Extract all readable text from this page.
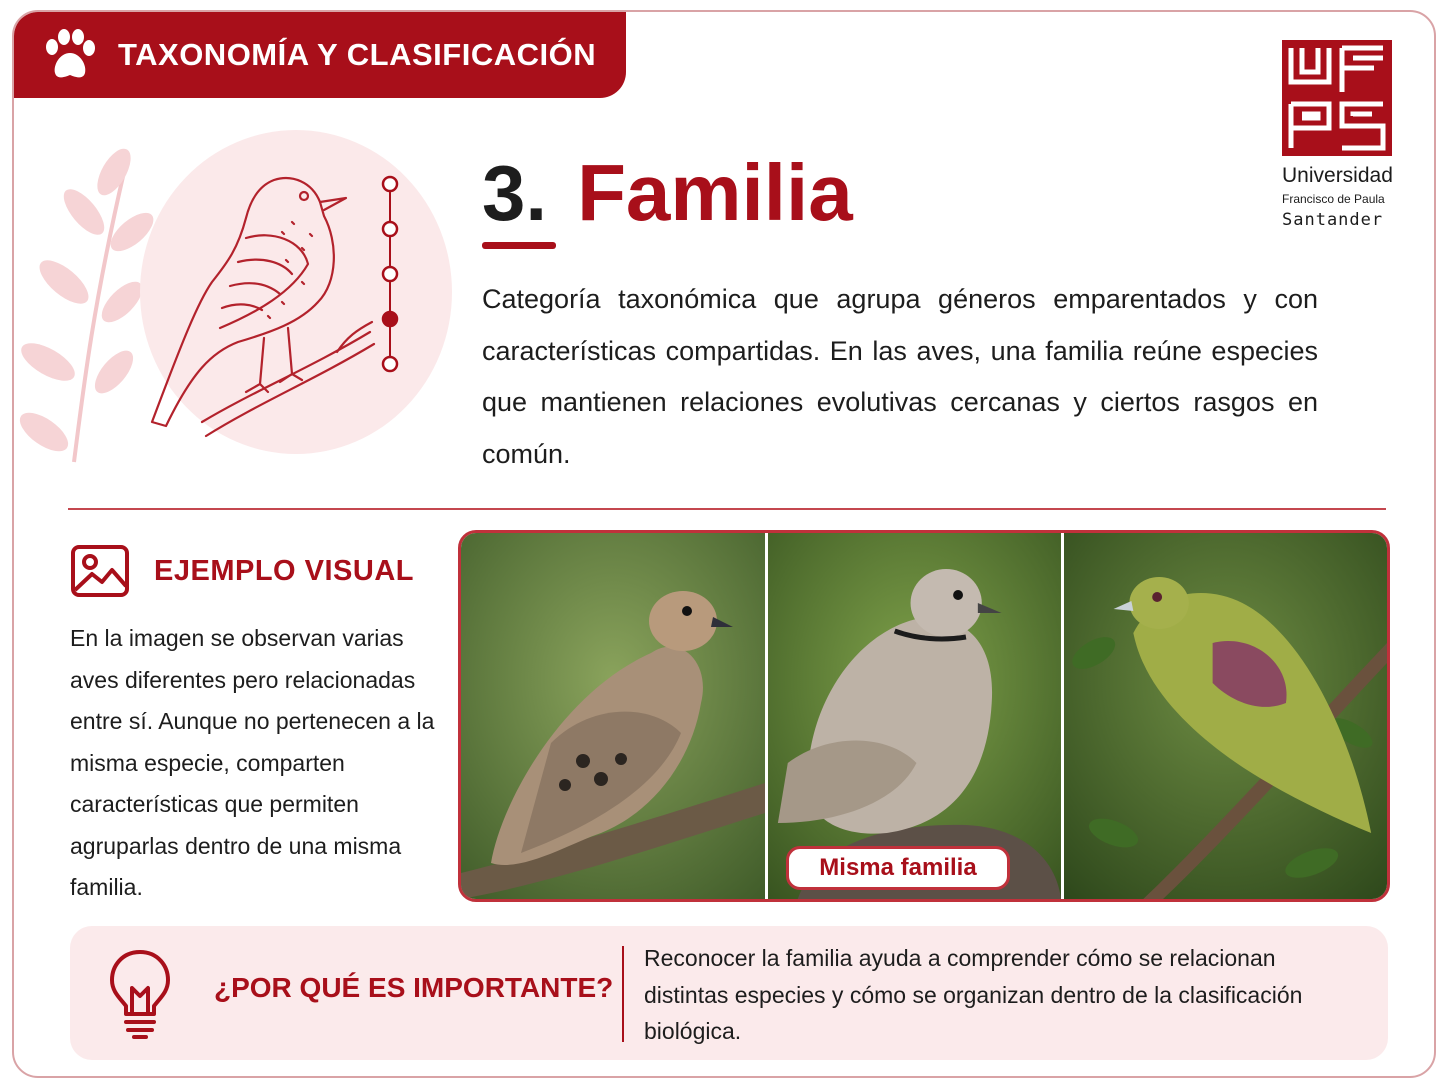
TAXONOMÍA Y CLASIFICACIÓN
Universidad
Francisco de Paula
Santander
3. Familia

Categoría taxonómica que agrupa géneros emparentados y con características compartidas. En las aves, una familia reúne especies que mantienen relaciones evolutivas cercanas y ciertos rasgos en común.

EJEMPLO VISUAL

En la imagen se observan varias aves diferentes pero relacionadas entre sí. Aunque no pertenecen a la misma especie, comparten características que permiten agruparlas dentro de una misma familia.

Misma familia
¿POR QUÉ ES IMPORTANTE?

Reconocer la familia ayuda a comprender cómo se relacionan distintas especies y cómo se organizan dentro de la clasificación biológica.
